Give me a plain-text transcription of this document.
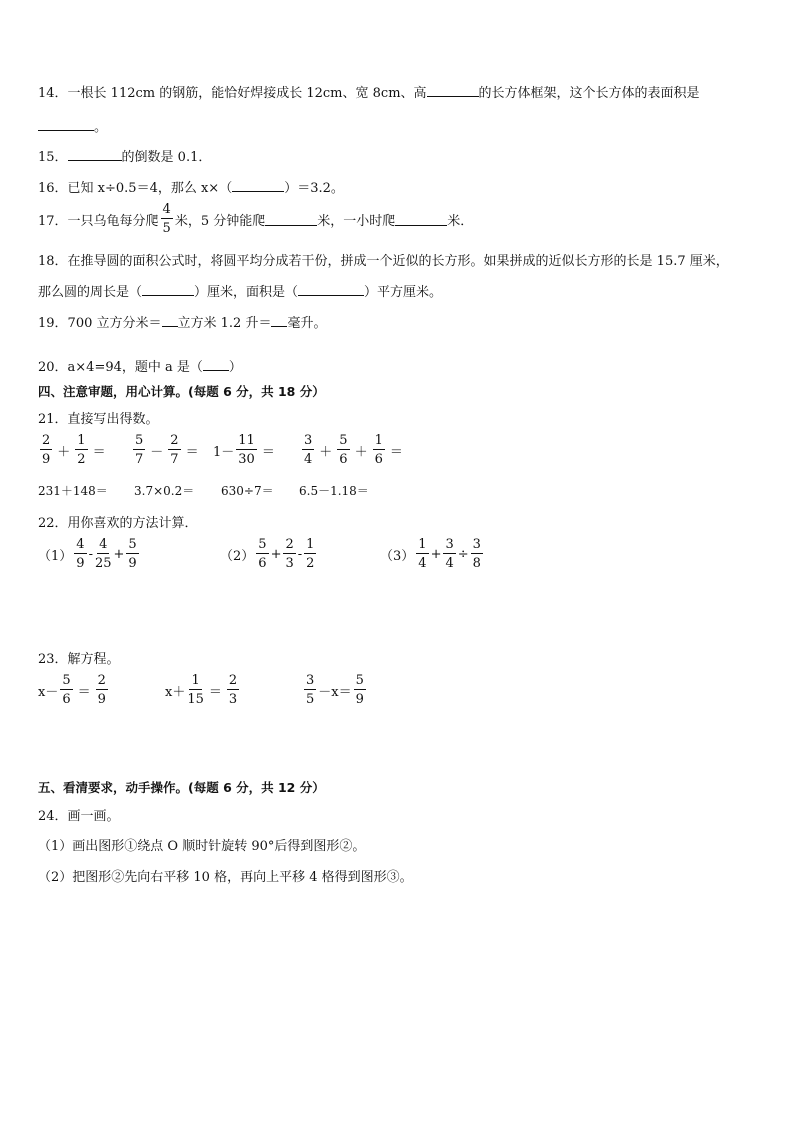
14．一根长 112cm 的钢筋，能恰好焊接成长 12cm、宽 8cm、高	的长方体框架，这个长方体的表面积是
。
15．	的倒数是 0.1．
16．已知 x÷0.5＝4，那么 x×（	）＝3.2。
17．一只乌龟每分爬 $\frac{4}{5}$ 米，5 分钟能爬	米，一小时爬	米．
18．在推导圆的面积公式时，将圆平均分成若干份，拼成一个近似的长方形。如果拼成的近似长方形的长是 15.7 厘米，
那么圆的周长是（	）厘米，面积是（	）平方厘米。
19．700 立方分米＝ 立方米 1.2 升＝ 毫升。
20．a×4=94，题中 a 是（ ）
四、注意审题，用心计算。(每题 6 分，共 18 分）
21．直接写出得数。
$\frac{2}{9} + \frac{1}{2} = \frac{5}{7} - \frac{2}{7} = 1- \frac{11}{30} = \frac{3}{4} + \frac{5}{6} + \frac{1}{6}$ ＝
231＋148＝ 3.7×0.2＝ 630÷7＝ 6.5－1.18＝
22．用你喜欢的方法计算．
$(1) \frac{4}{9} - \frac{4}{25} + \frac{5}{9}$	$(2) \frac{5}{6} + \frac{2}{3} - \frac{1}{2}$	$(3) \frac{1}{4} + \frac{3}{4} \div \frac{3}{8}$
23．解方程。
$x- \frac{5}{6} = \frac{2}{9}$	$x+ \frac{1}{15} = \frac{2}{3}$	$\frac{3}{5} -x= \frac{5}{9}$
五、看清要求，动手操作。(每题 6 分，共 12 分）
24．画一画。
（1）画出图形①绕点 O 顺时针旋转 90°后得到图形②。
（2）把图形②先向右平移 10 格，再向上平移 4 格得到图形③。
